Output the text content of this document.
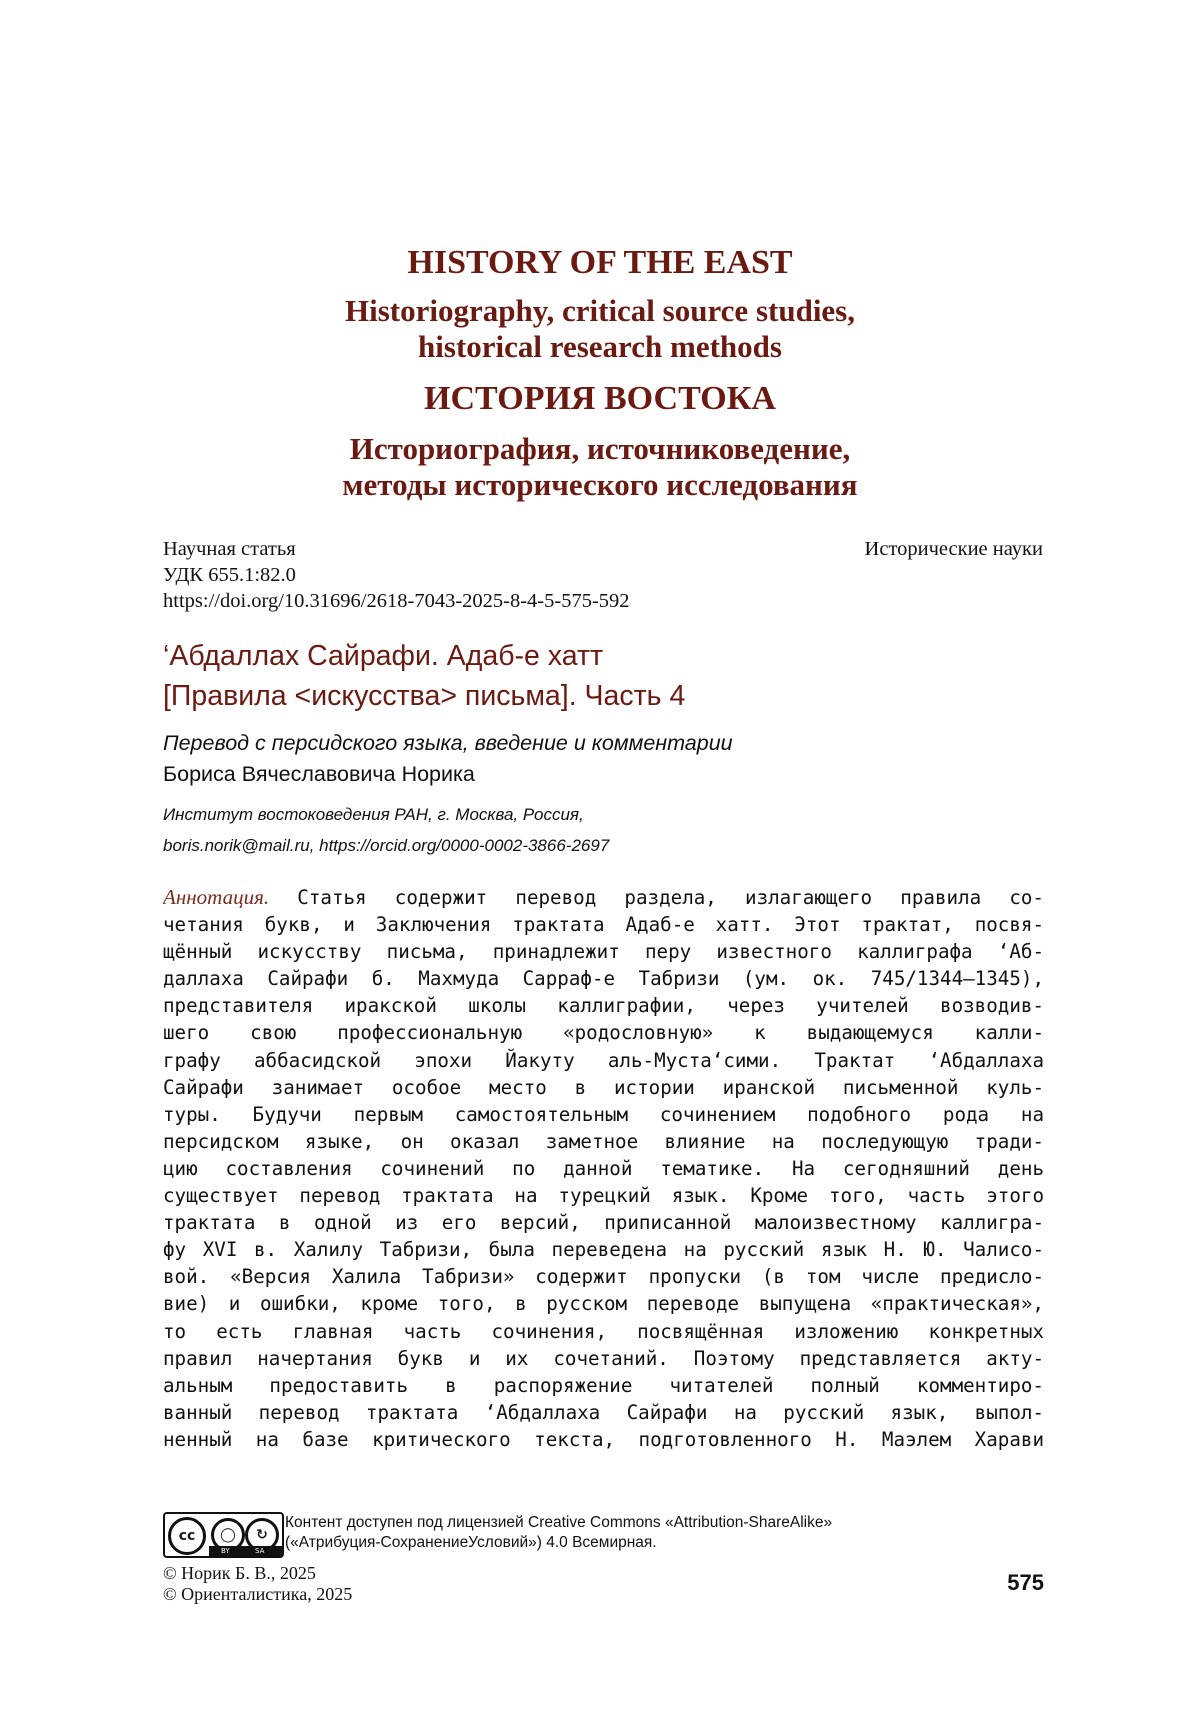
HISTORY OF THE EAST
Historiography, critical source studies,
historical research methods
ИСТОРИЯ ВОСТОКА
Историография, источниковедение,
методы исторического исследования
Научная статья
УДК 655.1:82.0
https://doi.org/10.31696/2618-7043-2025-8-4-5-575-592
Исторические науки
‘Абдаллах Сайрафи. Адаб-е хатт
[Правила <искусства> письма]. Часть 4
Перевод с персидского языка, введение и комментарии
Бориса Вячеславовича Норика
Институт востоковедения РАН, г. Москва, Россия,
boris.norik@mail.ru, https://orcid.org/0000-0002-3866-2697
Аннотация. Статья содержит перевод раздела, излагающего правила со-
четания букв, и Заключения трактата Адаб-е хатт. Этот трактат, посвя-
щённый искусству письма, принадлежит перу известного каллиграфа ‘Аб-
даллаха Сайрафи б. Махмуда Сарраф-е Табризи (ум. ок. 745/1344–1345),
представителя иракской школы каллиграфии, через учителей возводив-
шего свою профессиональную «родословную» к выдающемуся калли-
графу аббасидской эпохи Йакуту аль-Муста‘сими. Трактат ‘Абдаллаха
Сайрафи занимает особое место в истории иранской письменной куль-
туры. Будучи первым самостоятельным сочинением подобного рода на
персидском языке, он оказал заметное влияние на последующую тради-
цию составления сочинений по данной тематике. На сегодняшний день
существует перевод трактата на турецкий язык. Кроме того, часть этого
трактата в одной из его версий, приписанной малоизвестному каллигра-
фу XVI в. Халилу Табризи, была переведена на русский язык Н. Ю. Чалисо-
вой. «Версия Халила Табризи» содержит пропуски (в том числе предисло-
вие) и ошибки, кроме того, в русском переводе выпущена «практическая»,
то есть главная часть сочинения, посвящённая изложению конкретных
правил начертания букв и их сочетаний. Поэтому представляется акту-
альным предоставить в распоряжение читателей полный комментиро-
ванный перевод трактата ‘Абдаллаха Сайрафи на русский язык, выпол-
ненный на базе критического текста, подготовленного Н. Маэлем Харави
cc	◯	↻
BY	SA
Контент доступен под лицензией Creative Commons «Attribution-ShareAlike»
(«Атрибуция-СохранениеУсловий») 4.0 Всемирная.
© Норик Б. В., 2025
© Ориенталистика, 2025	575
